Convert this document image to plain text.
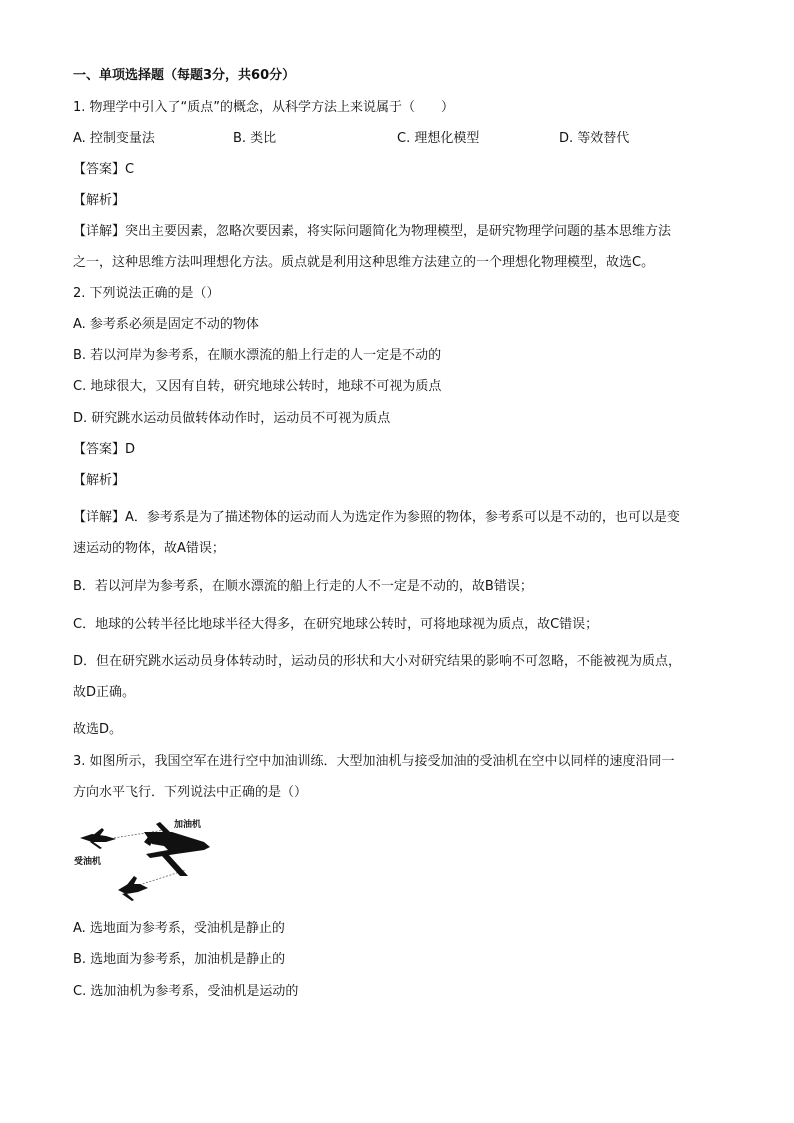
一、单项选择题（每题3分，共60分）
1. 物理学中引入了“质点”的概念，从科学方法上来说属于（　　）
A. 控制变量法	B. 类比	C. 理想化模型	D. 等效替代
【答案】C
【解析】
【详解】突出主要因素，忽略次要因素，将实际问题简化为物理模型，是研究物理学问题的基本思维方法
之一，这种思维方法叫理想化方法。质点就是利用这种思维方法建立的一个理想化物理模型，故选C。
2. 下列说法正确的是（）
A. 参考系必须是固定不动的物体
B. 若以河岸为参考系，在顺水漂流的船上行走的人一定是不动的
C. 地球很大，又因有自转，研究地球公转时，地球不可视为质点
D. 研究跳水运动员做转体动作时，运动员不可视为质点
【答案】D
【解析】
【详解】A．参考系是为了描述物体的运动而人为选定作为参照的物体，参考系可以是不动的，也可以是变
速运动的物体，故A错误；
B．若以河岸为参考系，在顺水漂流的船上行走的人不一定是不动的，故B错误；
C．地球的公转半径比地球半径大得多，在研究地球公转时，可将地球视为质点，故C错误；
D．但在研究跳水运动员身体转动时，运动员的形状和大小对研究结果的影响不可忽略，不能被视为质点，
故D正确。
故选D。
3. 如图所示，我国空军在进行空中加油训练．大型加油机与接受加油的受油机在空中以同样的速度沿同一
方向水平飞行．下列说法中正确的是（）
加油机
受油机
A. 选地面为参考系，受油机是静止的
B. 选地面为参考系，加油机是静止的
C. 选加油机为参考系，受油机是运动的
